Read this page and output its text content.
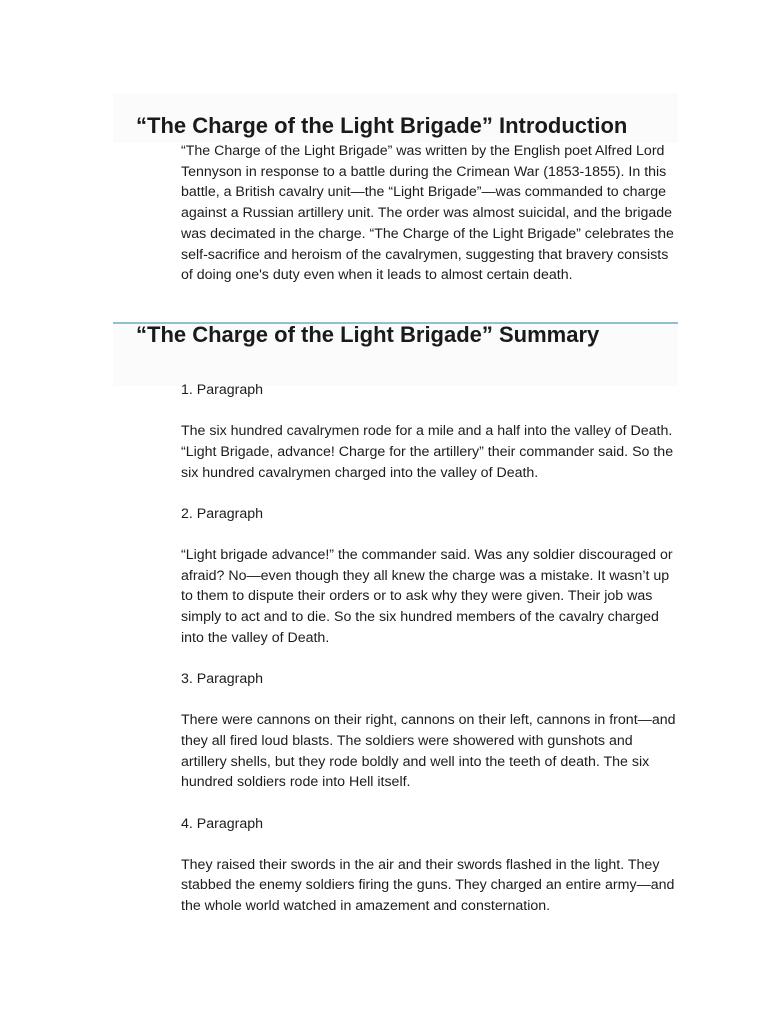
“The Charge of the Light Brigade” Introduction

“The Charge of the Light Brigade” was written by the English poet Alfred Lord Tennyson in response to a battle during the Crimean War (1853-1855). In this battle, a British cavalry unit—the “Light Brigade”—was commanded to charge against a Russian artillery unit. The order was almost suicidal, and the brigade was decimated in the charge. “The Charge of the Light Brigade” celebrates the self-sacrifice and heroism of the cavalrymen, suggesting that bravery consists of doing one's duty even when it leads to almost certain death.

“The Charge of the Light Brigade” Summary

1. Paragraph

The six hundred cavalrymen rode for a mile and a half into the valley of Death. “Light Brigade, advance! Charge for the artillery” their commander said. So the six hundred cavalrymen charged into the valley of Death.

2. Paragraph

“Light brigade advance!” the commander said. Was any soldier discouraged or afraid? No—even though they all knew the charge was a mistake. It wasn’t up to them to dispute their orders or to ask why they were given. Their job was simply to act and to die. So the six hundred members of the cavalry charged into the valley of Death.

3. Paragraph

There were cannons on their right, cannons on their left, cannons in front—and they all fired loud blasts. The soldiers were showered with gunshots and artillery shells, but they rode boldly and well into the teeth of death. The six hundred soldiers rode into Hell itself.

4. Paragraph

They raised their swords in the air and their swords flashed in the light. They stabbed the enemy soldiers firing the guns. They charged an entire army—and the whole world watched in amazement and consternation.
